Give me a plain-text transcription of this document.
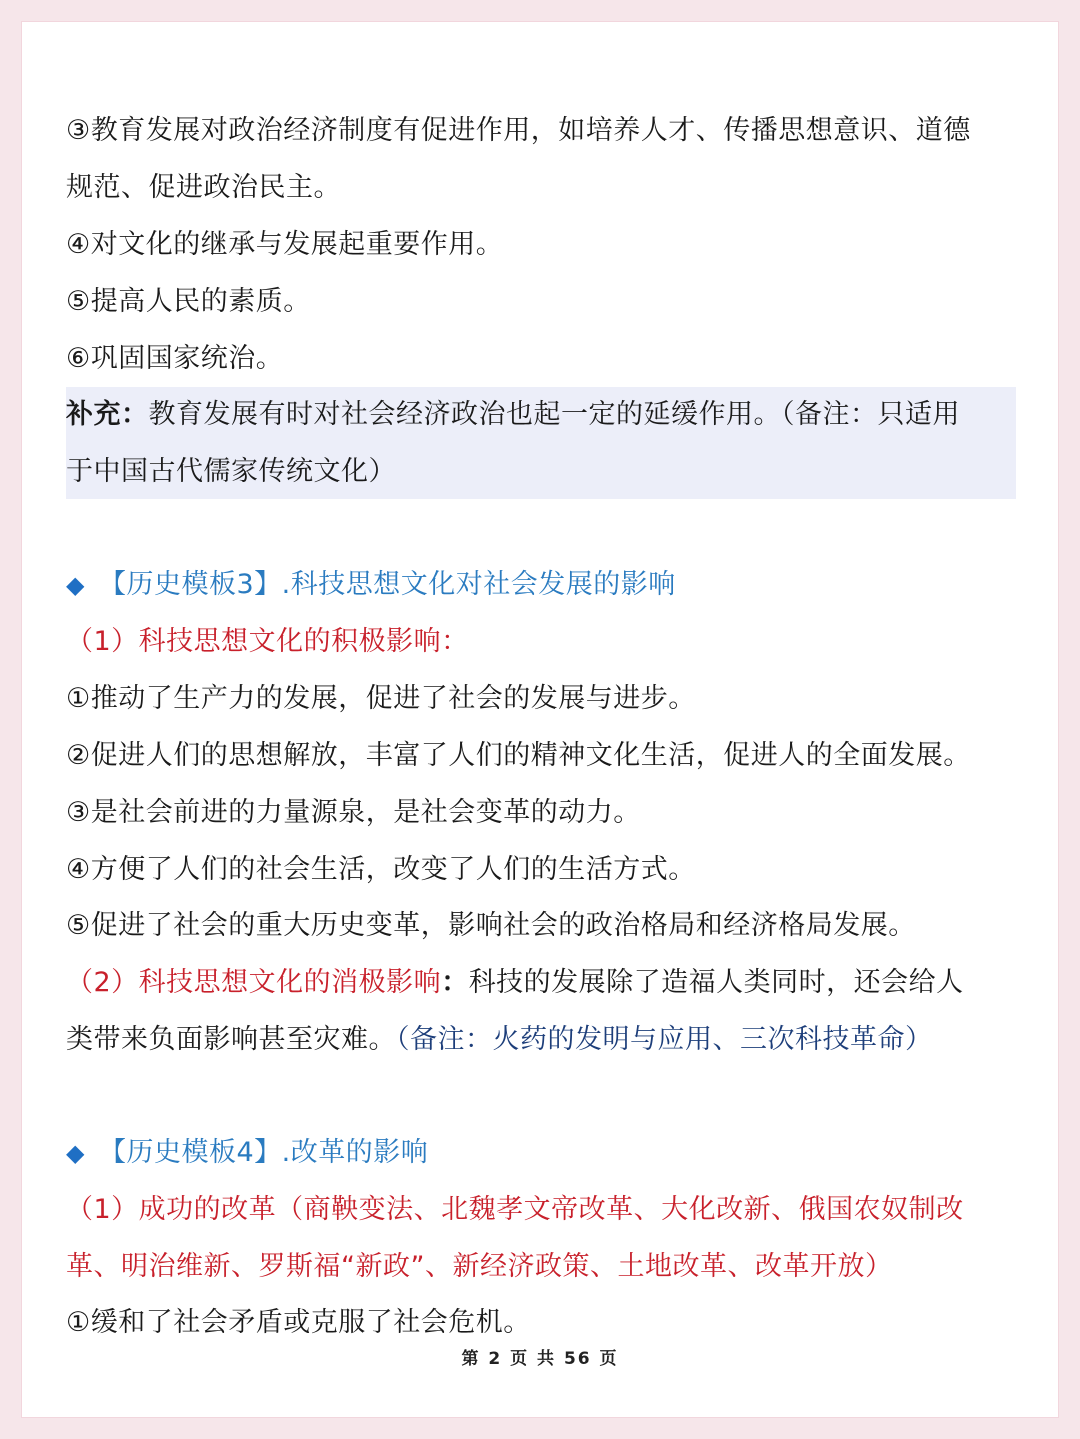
③教育发展对政治经济制度有促进作用，如培养人才、传播思想意识、道德
规范、促进政治民主。
④对文化的继承与发展起重要作用。
⑤提高人民的素质。
⑥巩固国家统治。
补充：教育发展有时对社会经济政治也起一定的延缓作用。（备注：只适用
于中国古代儒家传统文化）
◆ 【历史模板3】.科技思想文化对社会发展的影响
（1）科技思想文化的积极影响：
①推动了生产力的发展，促进了社会的发展与进步。
②促进人们的思想解放，丰富了人们的精神文化生活，促进人的全面发展。
③是社会前进的力量源泉，是社会变革的动力。
④方便了人们的社会生活，改变了人们的生活方式。
⑤促进了社会的重大历史变革，影响社会的政治格局和经济格局发展。
（2）科技思想文化的消极影响：科技的发展除了造福人类同时，还会给人
类带来负面影响甚至灾难。（备注：火药的发明与应用、三次科技革命）
◆ 【历史模板4】.改革的影响
（1）成功的改革（商鞅变法、北魏孝文帝改革、大化改新、俄国农奴制改
革、明治维新、罗斯福“新政”、新经济政策、土地改革、改革开放）
①缓和了社会矛盾或克服了社会危机。
第 2 页 共 56 页
